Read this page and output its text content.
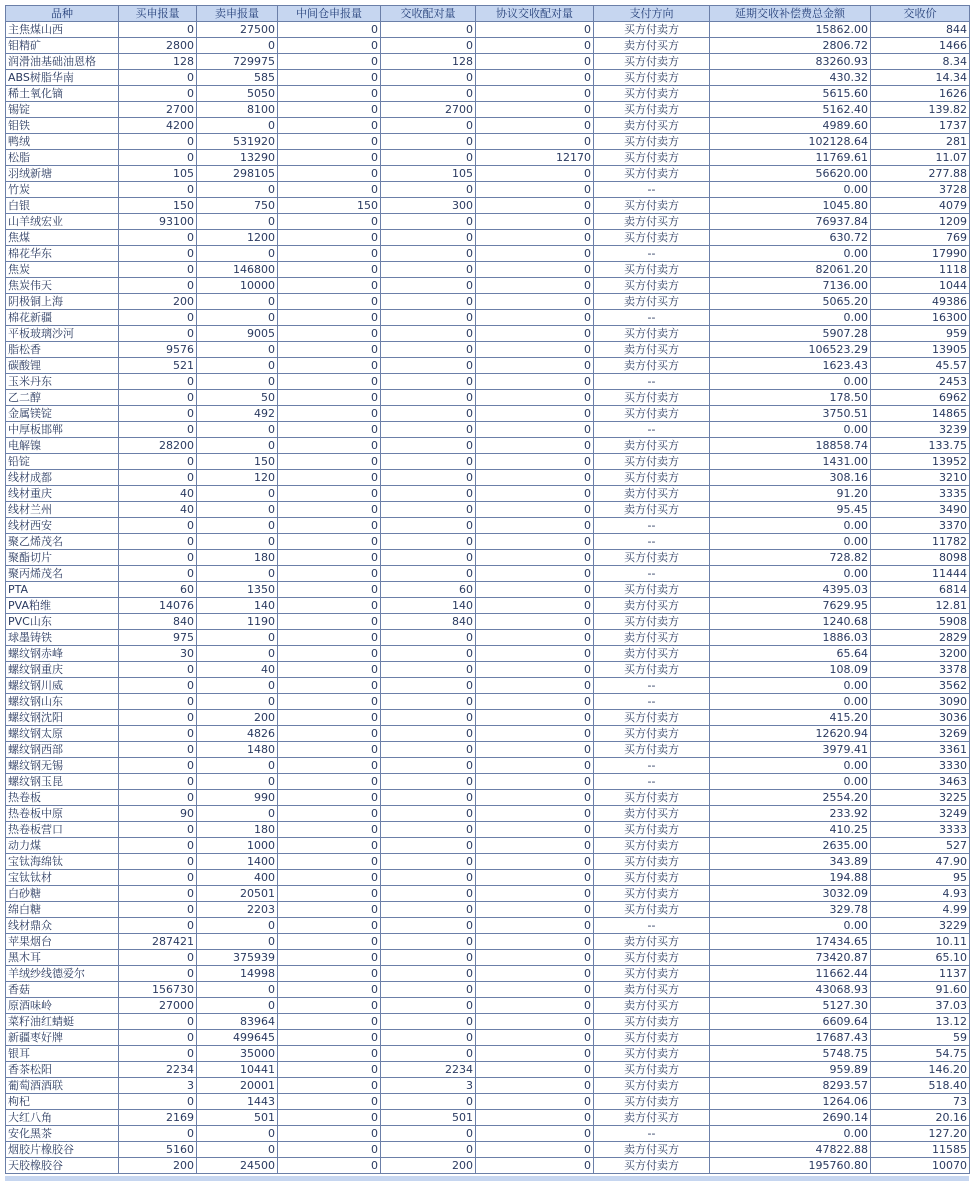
品种	买申报量	卖申报量	中间仓申报量	交收配对量	协议交收配对量	支付方向	延期交收补偿费总金额	交收价
主焦煤山西	0	27500	0	0	0	买方付卖方	15862.00	844
钼精矿	2800	0	0	0	0	卖方付买方	2806.72	1466
润滑油基础油恩格	128	729975	0	128	0	买方付卖方	83260.93	8.34
ABS树脂华南	0	585	0	0	0	买方付卖方	430.32	14.34
稀土氧化镝	0	5050	0	0	0	买方付卖方	5615.60	1626
锡锭	2700	8100	0	2700	0	买方付卖方	5162.40	139.82
钼铁	4200	0	0	0	0	卖方付买方	4989.60	1737
鸭绒	0	531920	0	0	0	买方付卖方	102128.64	281
松脂	0	13290	0	0	12170	买方付卖方	11769.61	11.07
羽绒新塘	105	298105	0	105	0	买方付卖方	56620.00	277.88
竹炭	0	0	0	0	0	--	0.00	3728
白银	150	750	150	300	0	买方付卖方	1045.80	4079
山羊绒宏业	93100	0	0	0	0	卖方付买方	76937.84	1209
焦煤	0	1200	0	0	0	买方付卖方	630.72	769
棉花华东	0	0	0	0	0	--	0.00	17990
焦炭	0	146800	0	0	0	买方付卖方	82061.20	1118
焦炭伟天	0	10000	0	0	0	买方付卖方	7136.00	1044
阴极铜上海	200	0	0	0	0	卖方付买方	5065.20	49386
棉花新疆	0	0	0	0	0	--	0.00	16300
平板玻璃沙河	0	9005	0	0	0	买方付卖方	5907.28	959
脂松香	9576	0	0	0	0	卖方付买方	106523.29	13905
碳酸锂	521	0	0	0	0	卖方付买方	1623.43	45.57
玉米丹东	0	0	0	0	0	--	0.00	2453
乙二醇	0	50	0	0	0	买方付卖方	178.50	6962
金属镁锭	0	492	0	0	0	买方付卖方	3750.51	14865
中厚板邯郸	0	0	0	0	0	--	0.00	3239
电解镍	28200	0	0	0	0	卖方付买方	18858.74	133.75
铅锭	0	150	0	0	0	买方付卖方	1431.00	13952
线材成都	0	120	0	0	0	买方付卖方	308.16	3210
线材重庆	40	0	0	0	0	卖方付买方	91.20	3335
线材兰州	40	0	0	0	0	卖方付买方	95.45	3490
线材西安	0	0	0	0	0	--	0.00	3370
聚乙烯茂名	0	0	0	0	0	--	0.00	11782
聚酯切片	0	180	0	0	0	买方付卖方	728.82	8098
聚丙烯茂名	0	0	0	0	0	--	0.00	11444
PTA	60	1350	0	60	0	买方付卖方	4395.03	6814
PVA粕维	14076	140	0	140	0	卖方付买方	7629.95	12.81
PVC山东	840	1190	0	840	0	买方付卖方	1240.68	5908
球墨铸铁	975	0	0	0	0	卖方付买方	1886.03	2829
螺纹钢赤峰	30	0	0	0	0	卖方付买方	65.64	3200
螺纹钢重庆	0	40	0	0	0	买方付卖方	108.09	3378
螺纹钢川威	0	0	0	0	0	--	0.00	3562
螺纹钢山东	0	0	0	0	0	--	0.00	3090
螺纹钢沈阳	0	200	0	0	0	买方付卖方	415.20	3036
螺纹钢太原	0	4826	0	0	0	买方付卖方	12620.94	3269
螺纹钢西部	0	1480	0	0	0	买方付卖方	3979.41	3361
螺纹钢无锡	0	0	0	0	0	--	0.00	3330
螺纹钢玉昆	0	0	0	0	0	--	0.00	3463
热卷板	0	990	0	0	0	买方付卖方	2554.20	3225
热卷板中原	90	0	0	0	0	卖方付买方	233.92	3249
热卷板营口	0	180	0	0	0	买方付卖方	410.25	3333
动力煤	0	1000	0	0	0	买方付卖方	2635.00	527
宝钛海绵钛	0	1400	0	0	0	买方付卖方	343.89	47.90
宝钛钛材	0	400	0	0	0	买方付卖方	194.88	95
白砂糖	0	20501	0	0	0	买方付卖方	3032.09	4.93
绵白糖	0	2203	0	0	0	买方付卖方	329.78	4.99
线材鼎众	0	0	0	0	0	--	0.00	3229
苹果烟台	287421	0	0	0	0	卖方付买方	17434.65	10.11
黑木耳	0	375939	0	0	0	买方付卖方	73420.87	65.10
羊绒纱线德爱尔	0	14998	0	0	0	买方付卖方	11662.44	1137
香菇	156730	0	0	0	0	卖方付买方	43068.93	91.60
原酒味岭	27000	0	0	0	0	卖方付买方	5127.30	37.03
菜籽油红蜻蜓	0	83964	0	0	0	买方付卖方	6609.64	13.12
新疆枣好牌	0	499645	0	0	0	买方付卖方	17687.43	59
银耳	0	35000	0	0	0	买方付卖方	5748.75	54.75
香茶松阳	2234	10441	0	2234	0	买方付卖方	959.89	146.20
葡萄酒酒联	3	20001	0	3	0	买方付卖方	8293.57	518.40
枸杞	0	1443	0	0	0	买方付卖方	1264.06	73
大红八角	2169	501	0	501	0	卖方付买方	2690.14	20.16
安化黑茶	0	0	0	0	0	--	0.00	127.20
烟胶片橡胶谷	5160	0	0	0	0	卖方付买方	47822.88	11585
天胶橡胶谷	200	24500	0	200	0	买方付卖方	195760.80	10070
